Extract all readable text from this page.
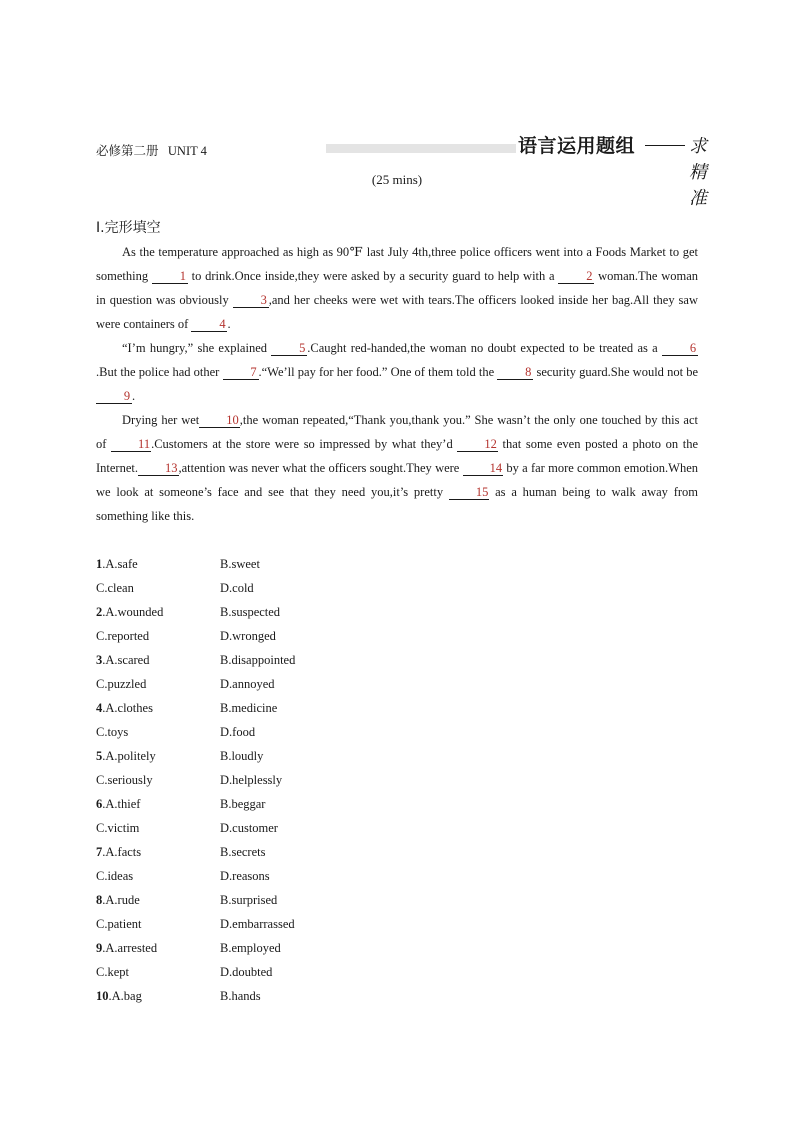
必修第二册 UNIT 4	语言运用题组	求精准
(25 mins)
Ⅰ.完形填空

As the temperature approached as high as 90℉ last July 4th,three police officers went into a Foods Market to get something 1 to drink.Once inside,they were asked by a security guard to help with a 2 woman.The woman in question was obviously 3 ,and her cheeks were wet with tears.The officers looked inside her bag.All they saw were containers of 4 .

“I’m hungry,” she explained 5 .Caught red-handed,the woman no doubt expected to be treated as a 6.But the police had other 7 .“We’ll pay for her food.” One of them told the 8 security guard.She would not be 9 .

Drying her wet 10,the woman repeated,“Thank you,thank you.” She wasn’t the only one touched by this act of 11.Customers at the store were so impressed by what they’d 12 that some even posted a photo on the Internet. 13,attention was never what the officers sought.They were 14 by a far more common emotion.When we look at someone’s face and see that they need you,it’s pretty 15 as a human being to walk away from something like this.

1.A.safe	B.sweet
C.clean	D.cold
2.A.wounded	B.suspected
C.reported	D.wronged
3.A.scared	B.disappointed
C.puzzled	D.annoyed
4.A.clothes	B.medicine
C.toys	D.food
5.A.politely	B.loudly
C.seriously	D.helplessly
6.A.thief	B.beggar
C.victim	D.customer
7.A.facts	B.secrets
C.ideas	D.reasons
8.A.rude	B.surprised
C.patient	D.embarrassed
9.A.arrested	B.employed
C.kept	D.doubted
10.A.bag	B.hands
